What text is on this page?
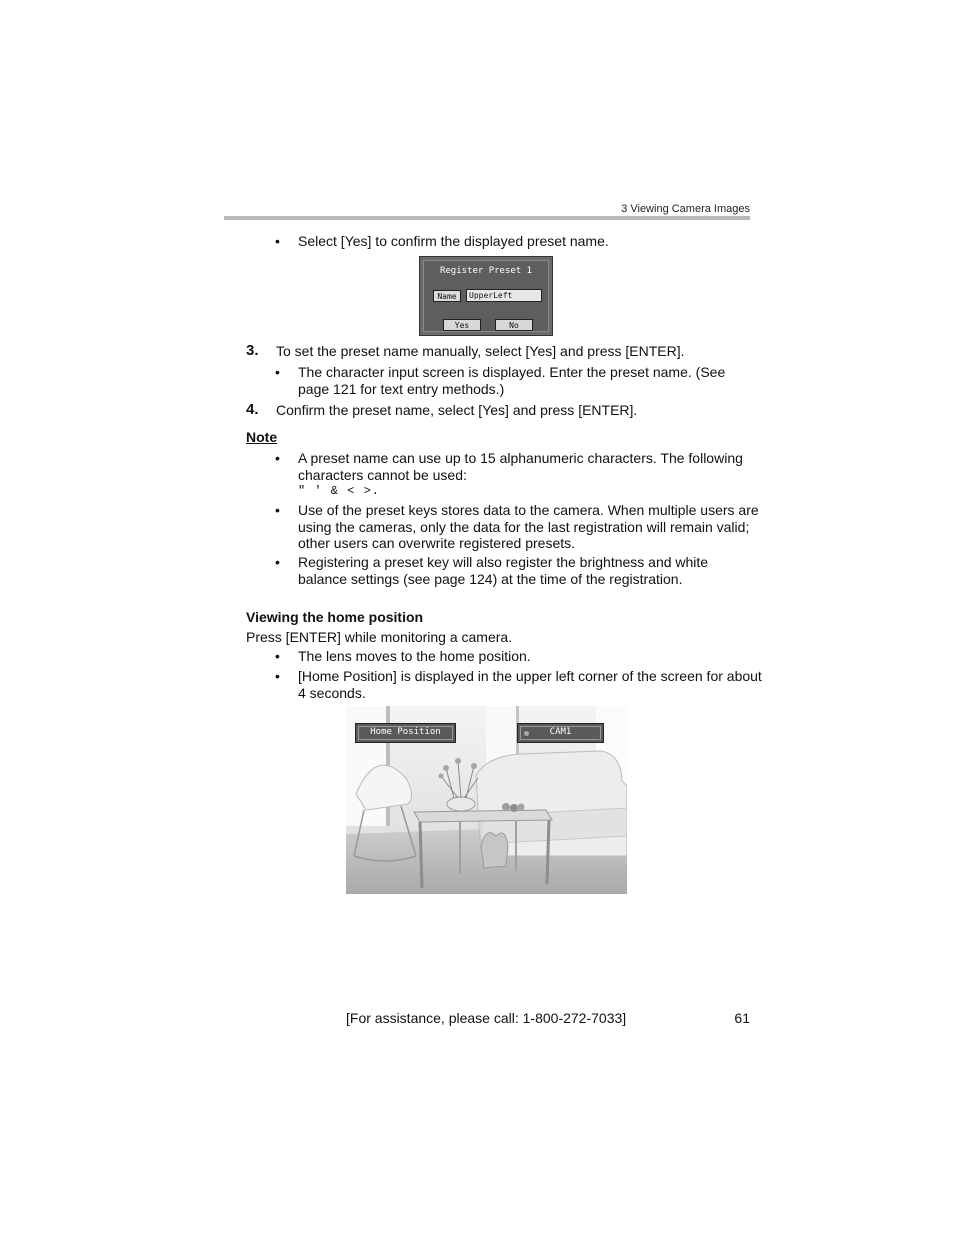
3 Viewing Camera Images
•	Select [Yes] to confirm the displayed preset name.
Register Preset 1
Name	UpperLeft
Yes	No
3. To set the preset name manually, select [Yes] and press [ENTER].
•	The character input screen is displayed. Enter the preset name. (See
page 121 for text entry methods.)
4. Confirm the preset name, select [Yes] and press [ENTER].
Note
•	A preset name can use up to 15 alphanumeric characters. The following
characters cannot be used:
" ' & < >.
•	Use of the preset keys stores data to the camera. When multiple users are
using the cameras, only the data for the last registration will remain valid;
other users can overwrite registered presets.
•	Registering a preset key will also register the brightness and white
balance settings (see page 124) at the time of the registration.
Viewing the home position
Press [ENTER] while monitoring a camera.
•	The lens moves to the home position.
•	[Home Position] is displayed in the upper left corner of the screen for about
4 seconds.
Home Position	CAM1
[For assistance, please call: 1-800-272-7033]	61
